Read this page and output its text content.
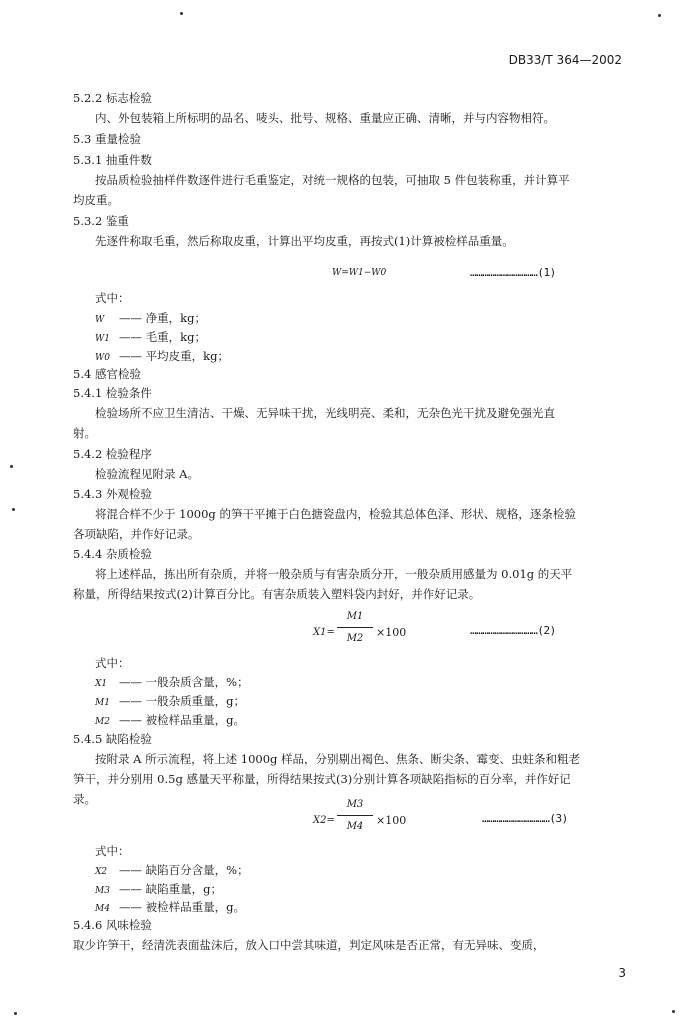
DB33/T 364—2002
5.2.2 标志检验
内、外包装箱上所标明的品名、唛头、批号、规格、重量应正确、清晰，并与内容物相符。
5.3 重量检验
5.3.1 抽重件数
按品质检验抽样件数逐件进行毛重鉴定，对统一规格的包装，可抽取 5 件包装称重，并计算平
均皮重。
5.3.2 鉴重
先逐件称取毛重，然后称取皮重，计算出平均皮重，再按式(1)计算被检样品重量。
W=W1−W0	……………………………(1)
式中：
W —— 净重，kg；
W1 —— 毛重，kg；
W0 —— 平均皮重，kg；
5.4 感官检验
5.4.1 检验条件
检验场所不应卫生清洁、干燥、无异味干扰，光线明亮、柔和，无杂色光干扰及避免强光直
射。
5.4.2 检验程序
检验流程见附录 A。
5.4.3 外观检验
将混合样不少于 1000g 的笋干平摊于白色搪瓷盘内，检验其总体色泽、形状、规格，逐条检验
各项缺陷，并作好记录。
5.4.4 杂质检验
将上述样品，拣出所有杂质，并将一般杂质与有害杂质分开，一般杂质用感量为 0.01g 的天平
称量，所得结果按式(2)计算百分比。有害杂质装入塑料袋内封好，并作好记录。
X1=
M1
M2 ×100	……………………………(2)
式中：
X1 —— 一般杂质含量，%；
M1 —— 一般杂质重量，g；
M2 —— 被检样品重量，g。
5.4.5 缺陷检验
按附录 A 所示流程，将上述 1000g 样品，分别剔出褐色、焦条、断尖条、霉变、虫蛀条和粗老
笋干，并分别用 0.5g 感量天平称量，所得结果按式(3)分别计算各项缺陷指标的百分率，并作好记
录。
X2=
M3
M4 ×100	……………………………(3)
式中：
X2 —— 缺陷百分含量，%；
M3 —— 缺陷重量，g；
M4 —— 被检样品重量，g。
5.4.6 风味检验
取少许笋干，经清洗表面盐沫后，放入口中尝其味道，判定风味是否正常，有无异味、变质，
3
